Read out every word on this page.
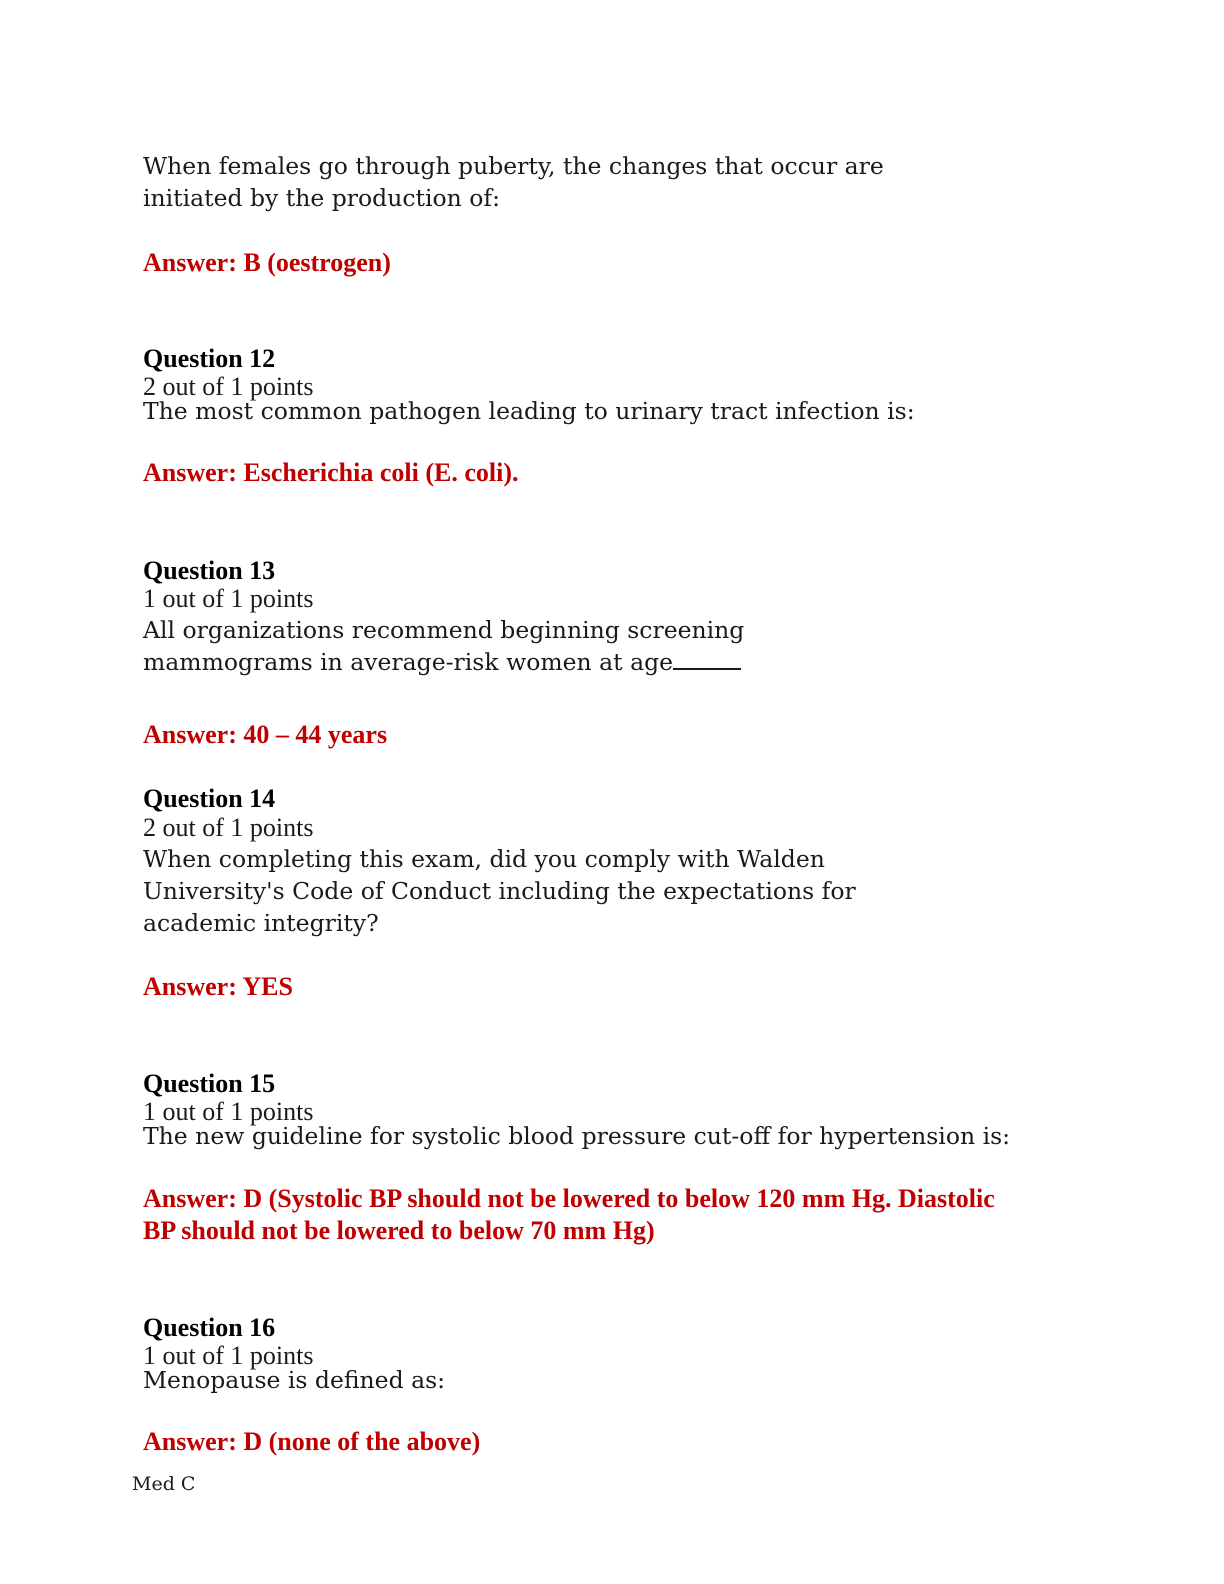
When females go through puberty, the changes that occur are
initiated by the production of:
Answer: B (oestrogen)
Question 12
2 out of 1 points
The most common pathogen leading to urinary tract infection is:
Answer: Escherichia coli (E. coli).
Question 13
1 out of 1 points
All organizations recommend beginning screening
mammograms in average-risk women at age
Answer: 40 – 44 years
Question 14
2 out of 1 points
When completing this exam, did you comply with Walden
University's Code of Conduct including the expectations for
academic integrity?
Answer: YES
Question 15
1 out of 1 points
The new guideline for systolic blood pressure cut-off for hypertension is:
Answer: D (Systolic BP should not be lowered to below 120 mm Hg. Diastolic
BP should not be lowered to below 70 mm Hg)
Question 16
1 out of 1 points
Menopause is defined as:
Answer: D (none of the above)
Med C
